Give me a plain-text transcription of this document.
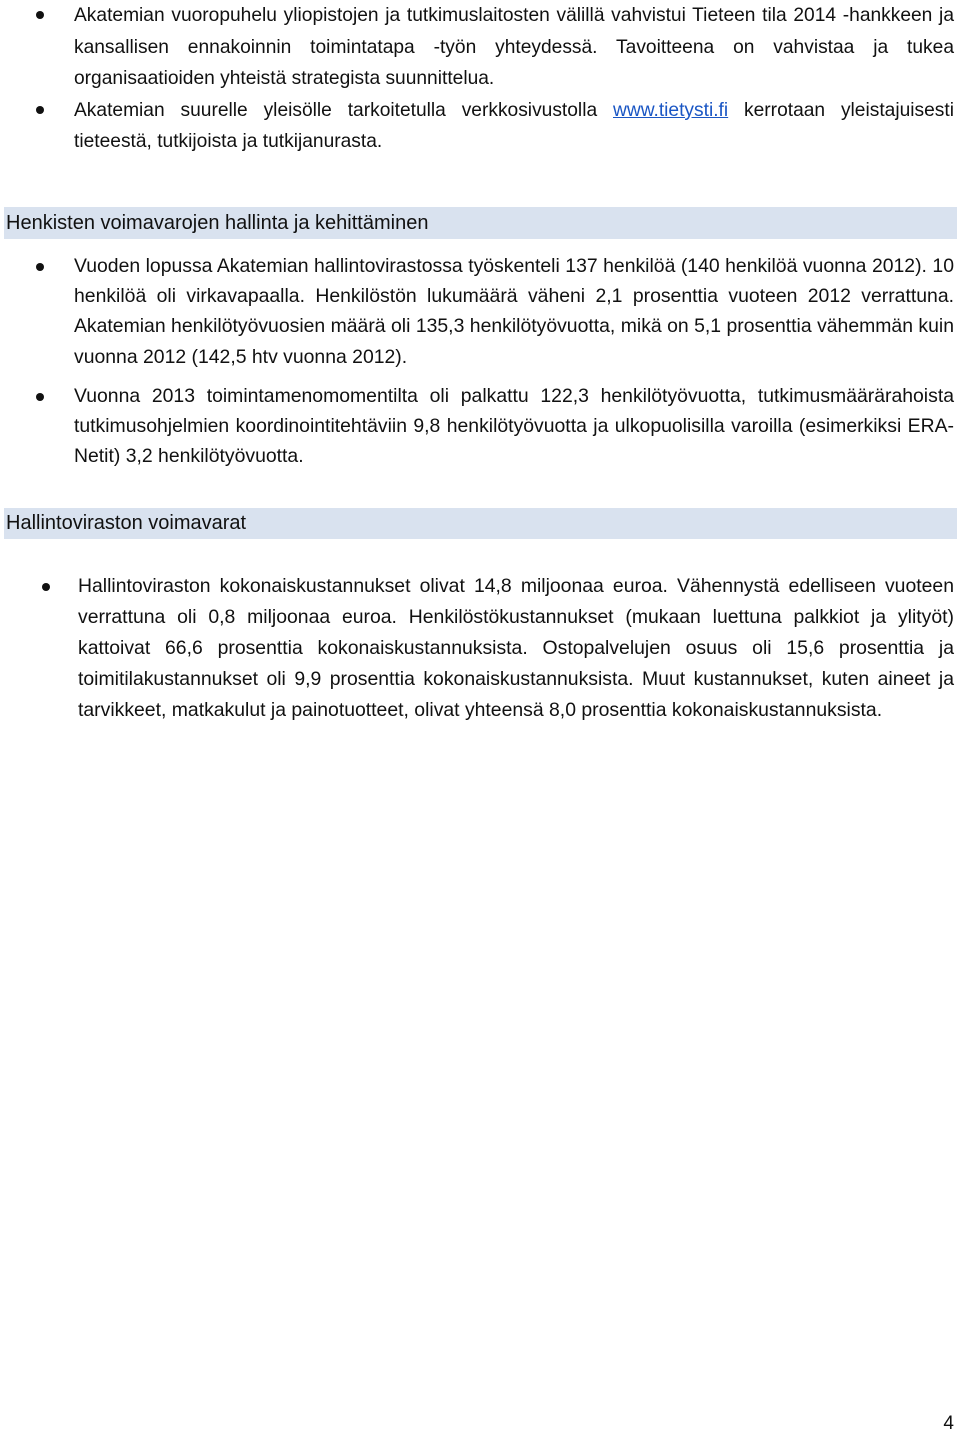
Akatemian vuoropuhelu yliopistojen ja tutkimuslaitosten välillä vahvistui Tieteen tila 2014 -hankkeen ja kansallisen ennakoinnin toimintatapa -työn yhteydessä. Tavoitteena on vahvistaa ja tukea organisaatioiden yhteistä strategista suunnittelua.
Akatemian suurelle yleisölle tarkoitetulla verkkosivustolla www.tietysti.fi kerrotaan yleistajuisesti tieteestä, tutkijoista ja tutkijanurasta.
Henkisten voimavarojen hallinta ja kehittäminen
Vuoden lopussa Akatemian hallintovirastossa työskenteli 137 henkilöä (140 henkilöä vuonna 2012). 10 henkilöä oli virkavapaalla. Henkilöstön lukumäärä väheni 2,1 prosenttia vuoteen 2012 verrattuna. Akatemian henkilötyövuosien määrä oli 135,3 henkilötyövuotta, mikä on 5,1 prosenttia vähemmän kuin vuonna 2012 (142,5 htv vuonna 2012).
Vuonna 2013 toimintamenomomentilta oli palkattu 122,3 henkilötyövuotta, tutkimusmäärärahoista tutkimusohjelmien koordinointitehtäviin 9,8 henkilötyövuotta ja ulkopuolisilla varoilla (esimerkiksi ERA-Netit) 3,2 henkilötyövuotta.
Hallintoviraston voimavarat
Hallintoviraston kokonaiskustannukset olivat 14,8 miljoonaa euroa. Vähennystä edelliseen vuoteen verrattuna oli 0,8 miljoonaa euroa. Henkilöstökustannukset (mukaan luettuna palkkiot ja ylityöt) kattoivat 66,6 prosenttia kokonaiskustannuksista. Ostopalvelujen osuus oli 15,6 prosenttia ja toimitilakustannukset oli 9,9 prosenttia kokonaiskustannuksista. Muut kustannukset, kuten aineet ja tarvikkeet, matkakulut ja painotuotteet, olivat yhteensä 8,0 prosenttia kokonaiskustannuksista.
4
